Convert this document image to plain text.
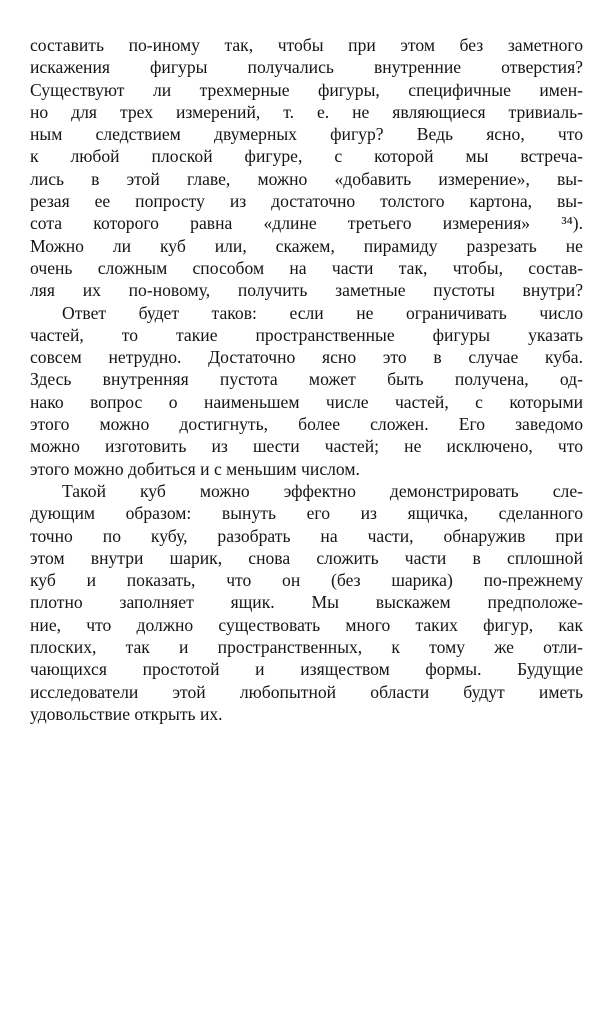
составить по-иному так, чтобы при этом без заметного
искажения фигуры получались внутренние отверстия?
Существуют ли трехмерные фигуры, специфичные имен-
но для трех измерений, т. е. не являющиеся тривиаль-
ным следствием двумерных фигур? Ведь ясно, что
к любой плоской фигуре, с которой мы встреча-
лись в этой главе, можно «добавить измерение», вы-
резая ее попросту из достаточно толстого картона, вы-
сота которого равна «длине третьего измерения» ³⁴).
Можно ли куб или, скажем, пирамиду разрезать не
очень сложным способом на части так, чтобы, состав-
ляя их по-новому, получить заметные пустоты внутри?
Ответ будет таков: если не ограничивать число
частей, то такие пространственные фигуры указать
совсем нетрудно. Достаточно ясно это в случае куба.
Здесь внутренняя пустота может быть получена, од-
нако вопрос о наименьшем числе частей, с которыми
этого можно достигнуть, более сложен. Его заведомо
можно изготовить из шести частей; не исключено, что
этого можно добиться и с меньшим числом.
Такой куб можно эффектно демонстрировать сле-
дующим образом: вынуть его из ящичка, сделанного
точно по кубу, разобрать на части, обнаружив при
этом внутри шарик, снова сложить части в сплошной
куб и показать, что он (без шарика) по-прежнему
плотно заполняет ящик. Мы выскажем предположе-
ние, что должно существовать много таких фигур, как
плоских, так и пространственных, к тому же отли-
чающихся простотой и изяществом формы. Будущие
исследователи этой любопытной области будут иметь
удовольствие открыть их.
